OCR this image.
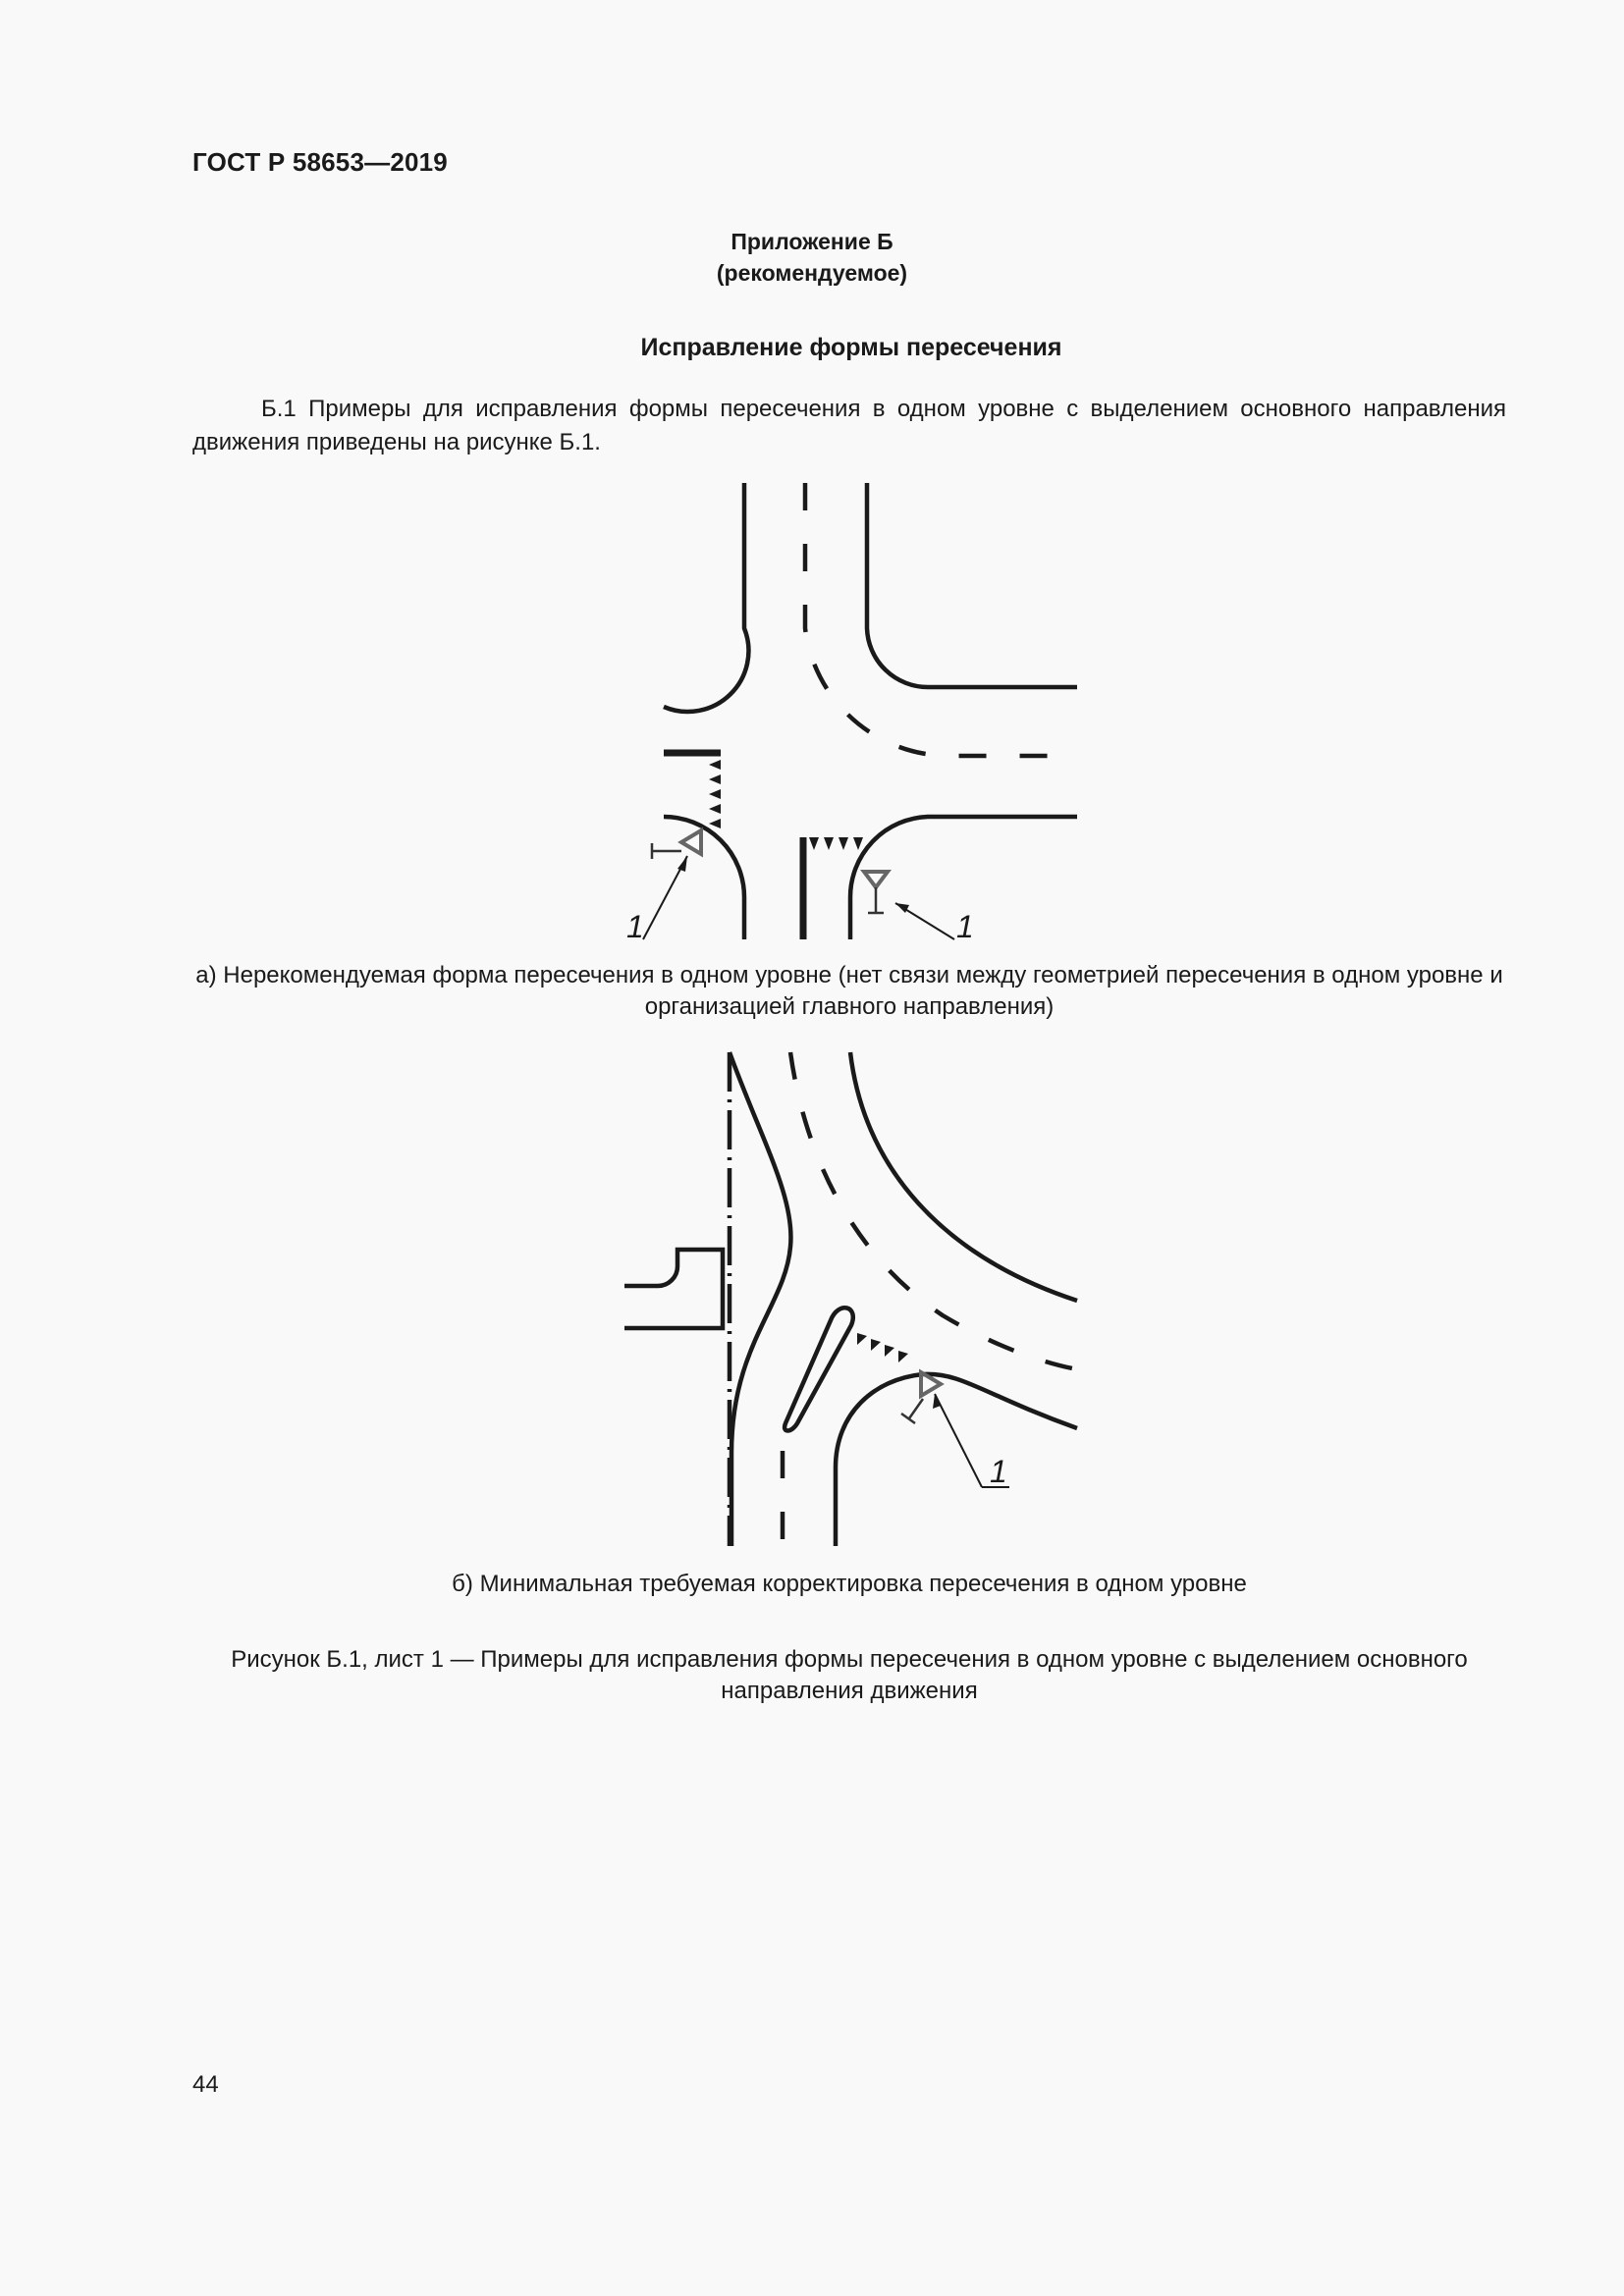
ГОСТ Р 58653—2019
Приложение Б
(рекомендуемое)
Исправление формы пересечения
Б.1 Примеры для исправления формы пересечения в одном уровне с выделением основного направления движения приведены на рисунке Б.1.
1	1
1
а) Нерекомендуемая форма пересечения в одном уровне (нет связи между геометрией пересечения в одном уровне и организацией главного направления)
б) Минимальная требуемая корректировка пересечения в одном уровне
Рисунок Б.1, лист 1 — Примеры для исправления формы пересечения в одном уровне с выделением основного направления движения
44
